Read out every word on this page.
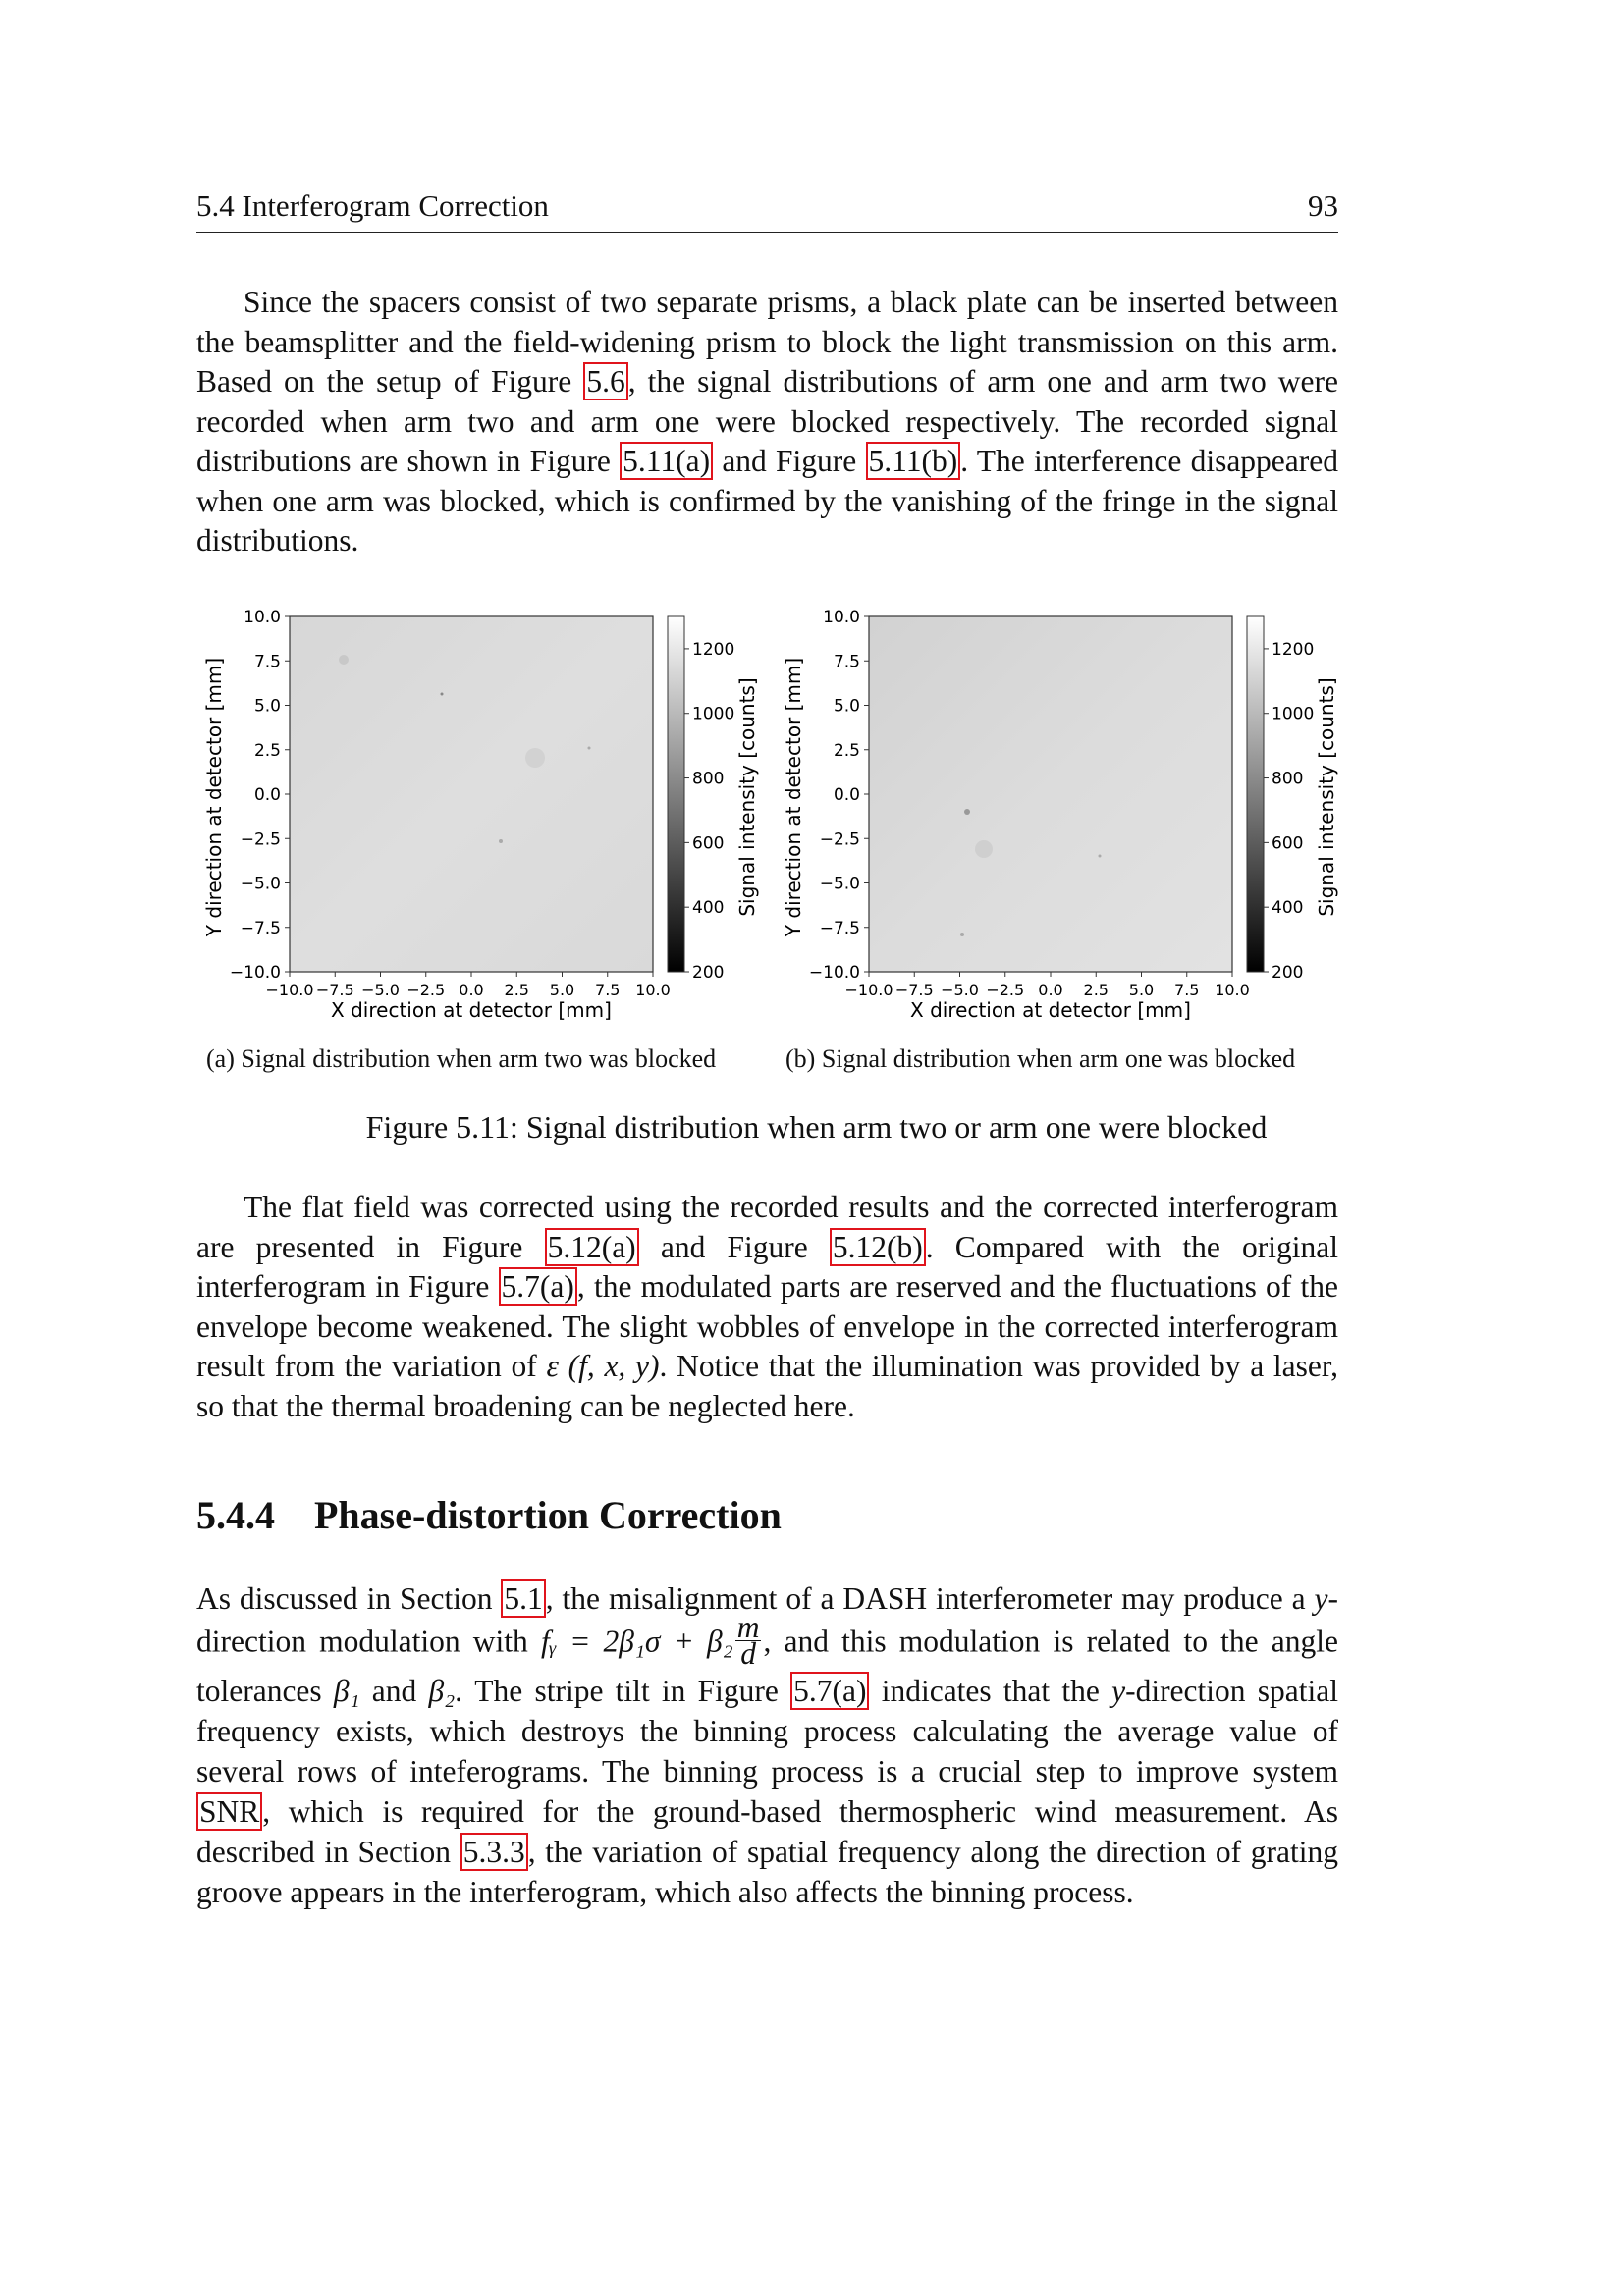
5.4 Interferogram Correction	93

Since the spacers consist of two separate prisms, a black plate can be inserted between the beamsplitter and the field-widening prism to block the light transmission on this arm. Based on the setup of Figure 5.6, the signal distributions of arm one and arm two were recorded when arm two and arm one were blocked respectively. The recorded signal distributions are shown in Figure 5.11(a) and Figure 5.11(b). The interference disappeared when one arm was blocked, which is confirmed by the vanishing of the fringe in the signal distributions.

10.0
7.5
5.0
2.5
0.0
−2.5
−5.0
−7.5
−10.0
−10.0 −7.5 −5.0 −2.5 0.0 2.5 5.0 7.5 10.0
1200
1000
800
600
400
200
Y direction at detector [mm]
X direction at detector [mm]
Signal intensity [counts]
10.0
7.5
5.0
2.5
0.0
−2.5
−5.0
−7.5
−10.0
−10.0 −7.5 −5.0 −2.5 0.0 2.5 5.0 7.5 10.0
1200
1000
800
600
400
200
Y direction at detector [mm]
X direction at detector [mm]
Signal intensity [counts]
(a) Signal distribution when arm two was blocked	(b) Signal distribution when arm one was blocked
Figure 5.11: Signal distribution when arm two or arm one were blocked

The flat field was corrected using the recorded results and the corrected interferogram are presented in Figure 5.12(a) and Figure 5.12(b). Compared with the original interferogram in Figure 5.7(a), the modulated parts are reserved and the fluctuations of the envelope become weakened. The slight wobbles of envelope in the corrected interferogram result from the variation of ε (f, x, y). Notice that the illumination was provided by a laser, so that the thermal broadening can be neglected here.

5.4.4 Phase-distortion Correction

As discussed in Section 5.1, the misalignment of a DASH interferometer may produce a y-direction modulation with fᵧ = $2\beta_1\sigma + \beta_2 \frac{m}{d}$ , and this modulation is related to the angle tolerances β₁ and β₂. The stripe tilt in Figure 5.7(a) indicates that the y-direction spatial frequency exists, which destroys the binning process calculating the average value of several rows of inteferograms. The binning process is a crucial step to improve system SNR, which is required for the ground-based thermospheric wind measurement. As described in Section 5.3.3, the variation of spatial frequency along the direction of grating groove appears in the interferogram, which also affects the binning process.
